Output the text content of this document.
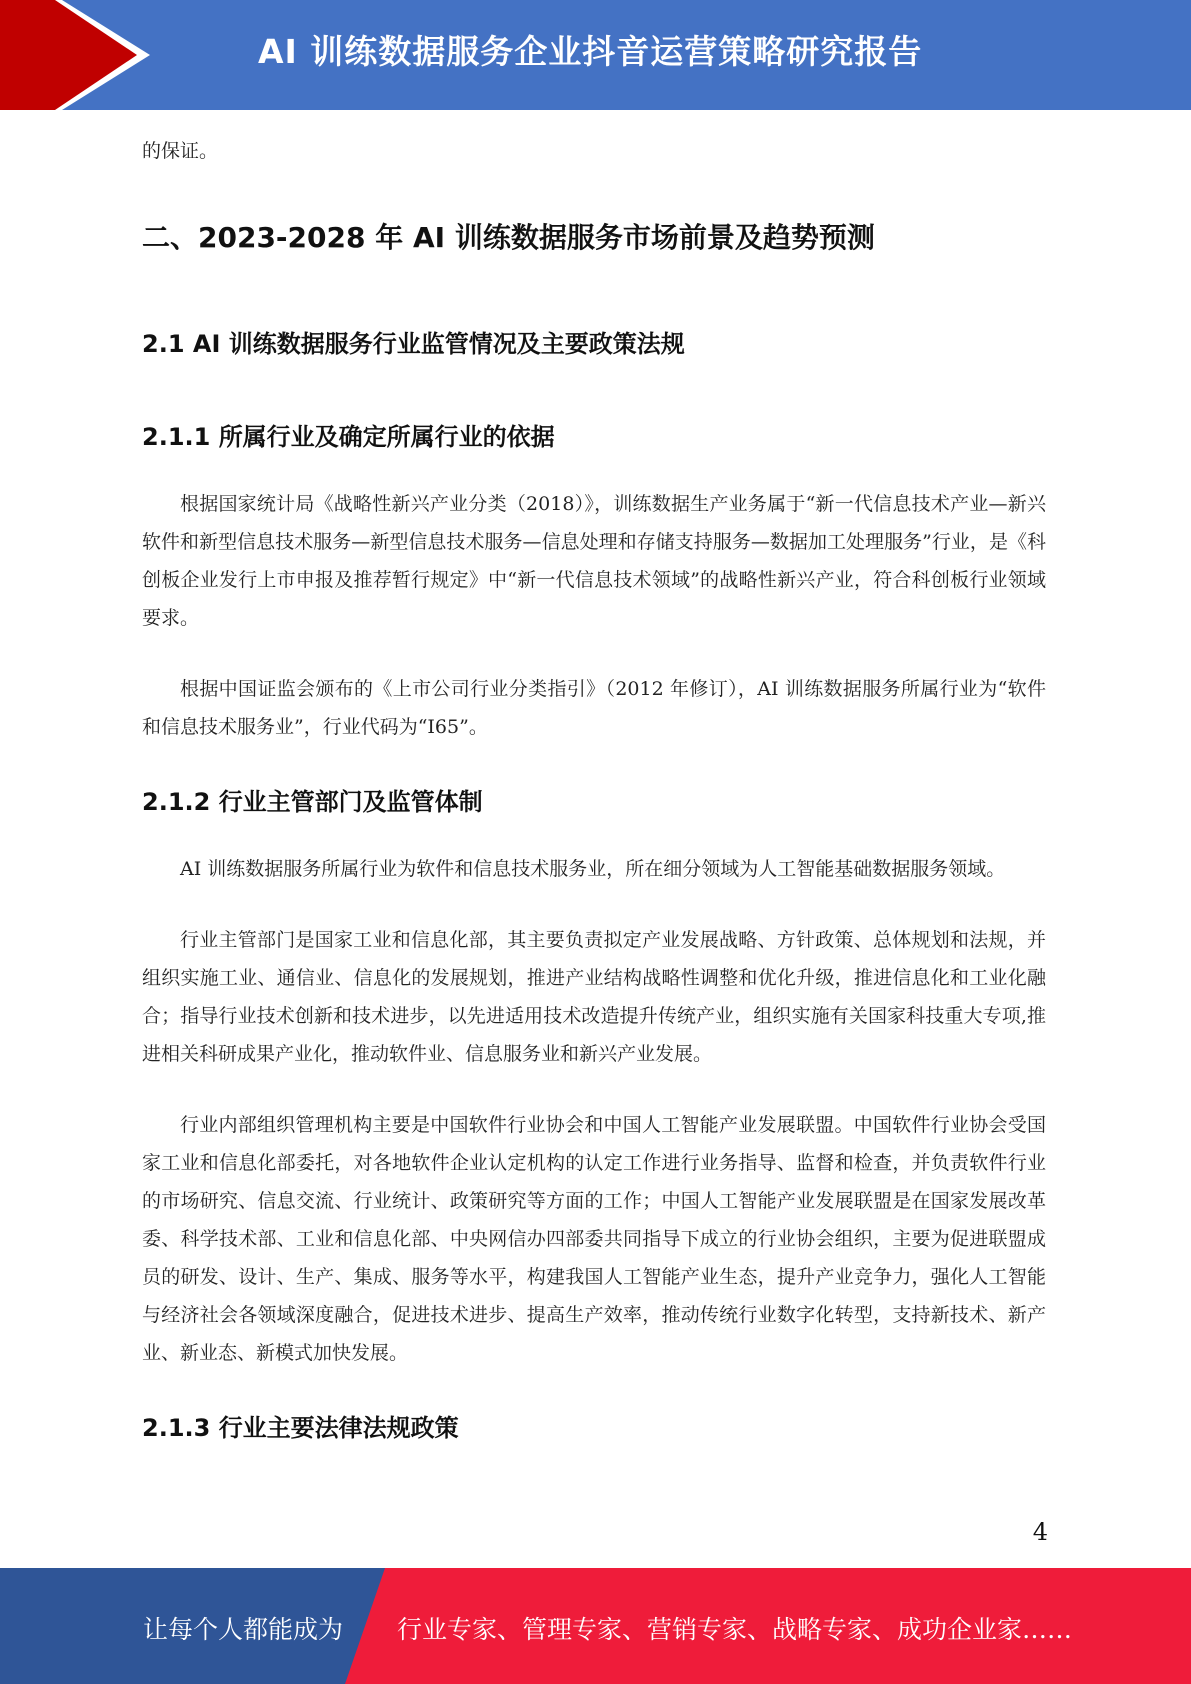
AI 训练数据服务企业抖音运营策略研究报告

的保证。

二、2023-2028 年 AI 训练数据服务市场前景及趋势预测
2.1 AI 训练数据服务行业监管情况及主要政策法规
2.1.1 所属行业及确定所属行业的依据

根据国家统计局《战略性新兴产业分类（2018）》，训练数据生产业务属于“新一代信息技术产业—新兴软件和新型信息技术服务—新型信息技术服务—信息处理和存储支持服务—数据加工处理服务”行业，是《科创板企业发行上市申报及推荐暂行规定》中“新一代信息技术领域”的战略性新兴产业，符合科创板行业领域要求。

根据中国证监会颁布的《上市公司行业分类指引》（2012 年修订），AI 训练数据服务所属行业为“软件和信息技术服务业”，行业代码为“I65”。

2.1.2 行业主管部门及监管体制

AI 训练数据服务所属行业为软件和信息技术服务业，所在细分领域为人工智能基础数据服务领域。

行业主管部门是国家工业和信息化部，其主要负责拟定产业发展战略、方针政策、总体规划和法规，并组织实施工业、通信业、信息化的发展规划，推进产业结构战略性调整和优化升级，推进信息化和工业化融合；指导行业技术创新和技术进步，以先进适用技术改造提升传统产业，组织实施有关国家科技重大专项,推进相关科研成果产业化，推动软件业、信息服务业和新兴产业发展。

行业内部组织管理机构主要是中国软件行业协会和中国人工智能产业发展联盟。中国软件行业协会受国家工业和信息化部委托，对各地软件企业认定机构的认定工作进行业务指导、监督和检查，并负责软件行业的市场研究、信息交流、行业统计、政策研究等方面的工作；中国人工智能产业发展联盟是在国家发展改革委、科学技术部、工业和信息化部、中央网信办四部委共同指导下成立的行业协会组织，主要为促进联盟成员的研发、设计、生产、集成、服务等水平，构建我国人工智能产业生态，提升产业竞争力，强化人工智能与经济社会各领域深度融合，促进技术进步、提高生产效率，推动传统行业数字化转型，支持新技术、新产业、新业态、新模式加快发展。

2.1.3 行业主要法律法规政策
4
让每个人都能成为 行业专家、管理专家、营销专家、战略专家、成功企业家……
